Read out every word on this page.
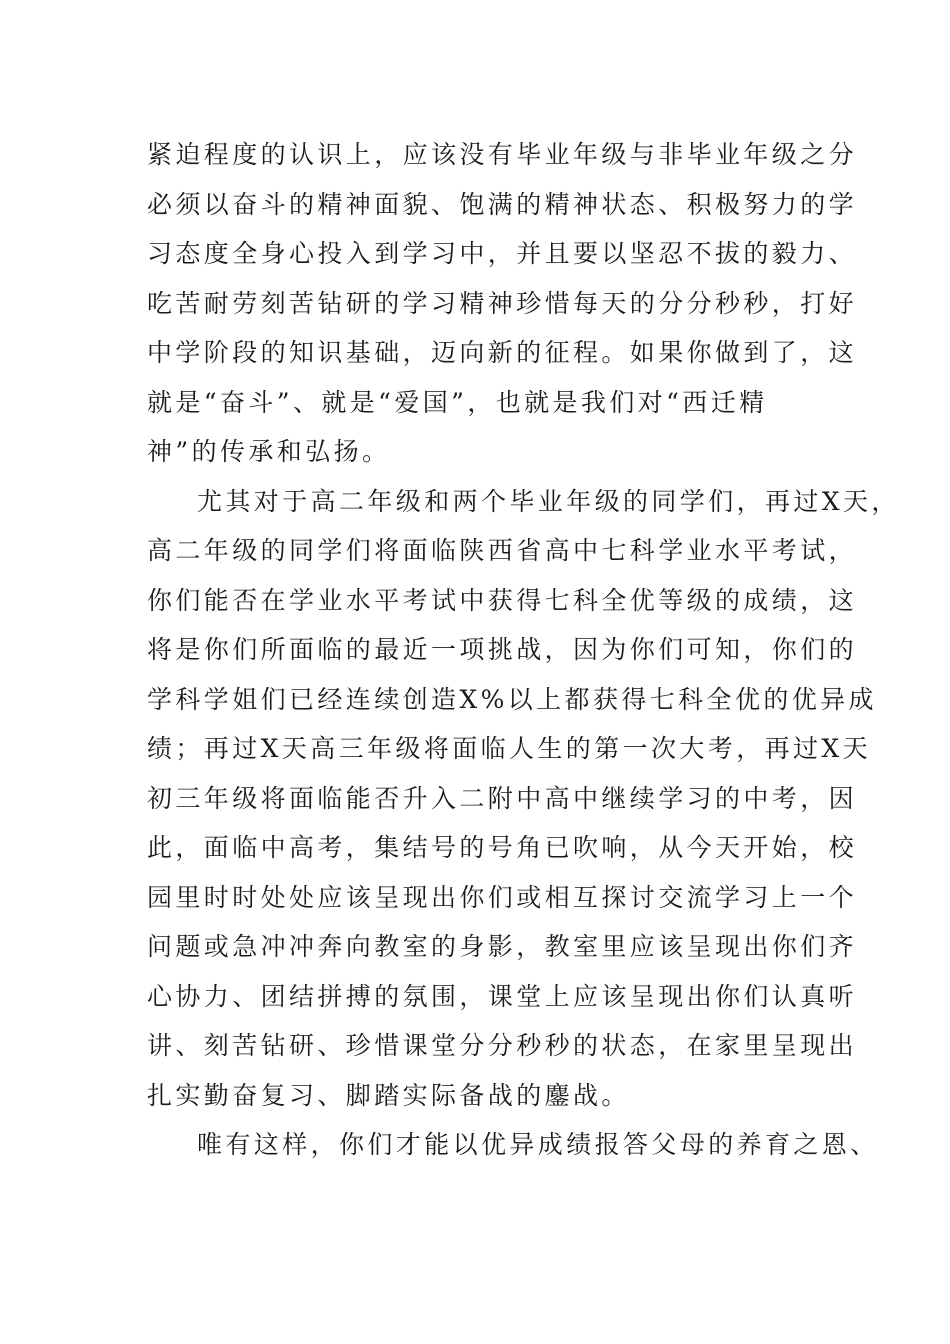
紧迫程度的认识上，应该没有毕业年级与非毕业年级之分
必须以奋斗的精神面貌、饱满的精神状态、积极努力的学
习态度全身心投入到学习中，并且要以坚忍不拔的毅力、
吃苦耐劳刻苦钻研的学习精神珍惜每天的分分秒秒，打好
中学阶段的知识基础，迈向新的征程。如果你做到了，这
就是“奋斗”、就是“爱国”，也就是我们对“西迁精
神”的传承和弘扬。
尤其对于高二年级和两个毕业年级的同学们，再过X天，
高二年级的同学们将面临陕西省高中七科学业水平考试，
你们能否在学业水平考试中获得七科全优等级的成绩，这
将是你们所面临的最近一项挑战，因为你们可知，你们的
学科学姐们已经连续创造X%以上都获得七科全优的优异成
绩；再过X天高三年级将面临人生的第一次大考，再过X天
初三年级将面临能否升入二附中高中继续学习的中考，因
此，面临中高考，集结号的号角已吹响，从今天开始，校
园里时时处处应该呈现出你们或相互探讨交流学习上一个
问题或急冲冲奔向教室的身影，教室里应该呈现出你们齐
心协力、团结拼搏的氛围，课堂上应该呈现出你们认真听
讲、刻苦钻研、珍惜课堂分分秒秒的状态，在家里呈现出
扎实勤奋复习、脚踏实际备战的鏖战。
唯有这样，你们才能以优异成绩报答父母的养育之恩、
